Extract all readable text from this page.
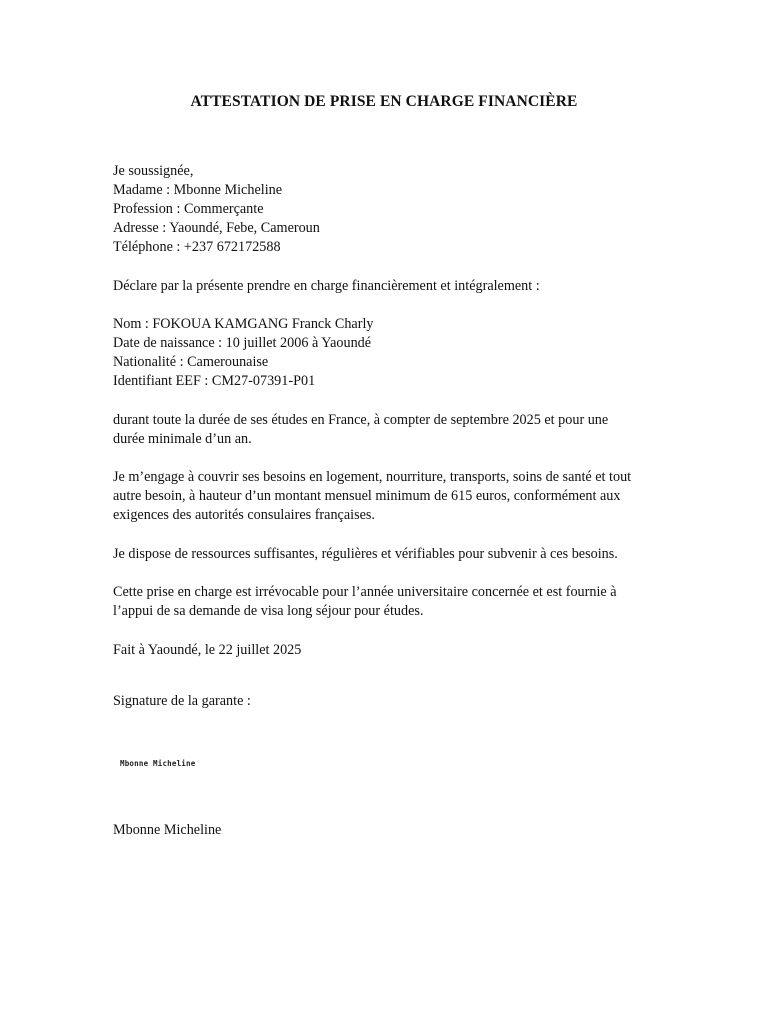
ATTESTATION DE PRISE EN CHARGE FINANCIÈRE
Je soussignée,
Madame : Mbonne Micheline
Profession : Commerçante
Adresse : Yaoundé, Febe, Cameroun
Téléphone : +237 672172588
Déclare par la présente prendre en charge financièrement et intégralement :
Nom : FOKOUA KAMGANG Franck Charly
Date de naissance : 10 juillet 2006 à Yaoundé
Nationalité : Camerounaise
Identifiant EEF : CM27-07391-P01
durant toute la durée de ses études en France, à compter de septembre 2025 et pour une
durée minimale d’un an.
Je m’engage à couvrir ses besoins en logement, nourriture, transports, soins de santé et tout
autre besoin, à hauteur d’un montant mensuel minimum de 615 euros, conformément aux
exigences des autorités consulaires françaises.
Je dispose de ressources suffisantes, régulières et vérifiables pour subvenir à ces besoins.
Cette prise en charge est irrévocable pour l’année universitaire concernée et est fournie à
l’appui de sa demande de visa long séjour pour études.
Fait à Yaoundé, le 22 juillet 2025
Signature de la garante :
Mbonne Micheline
Mbonne Micheline
